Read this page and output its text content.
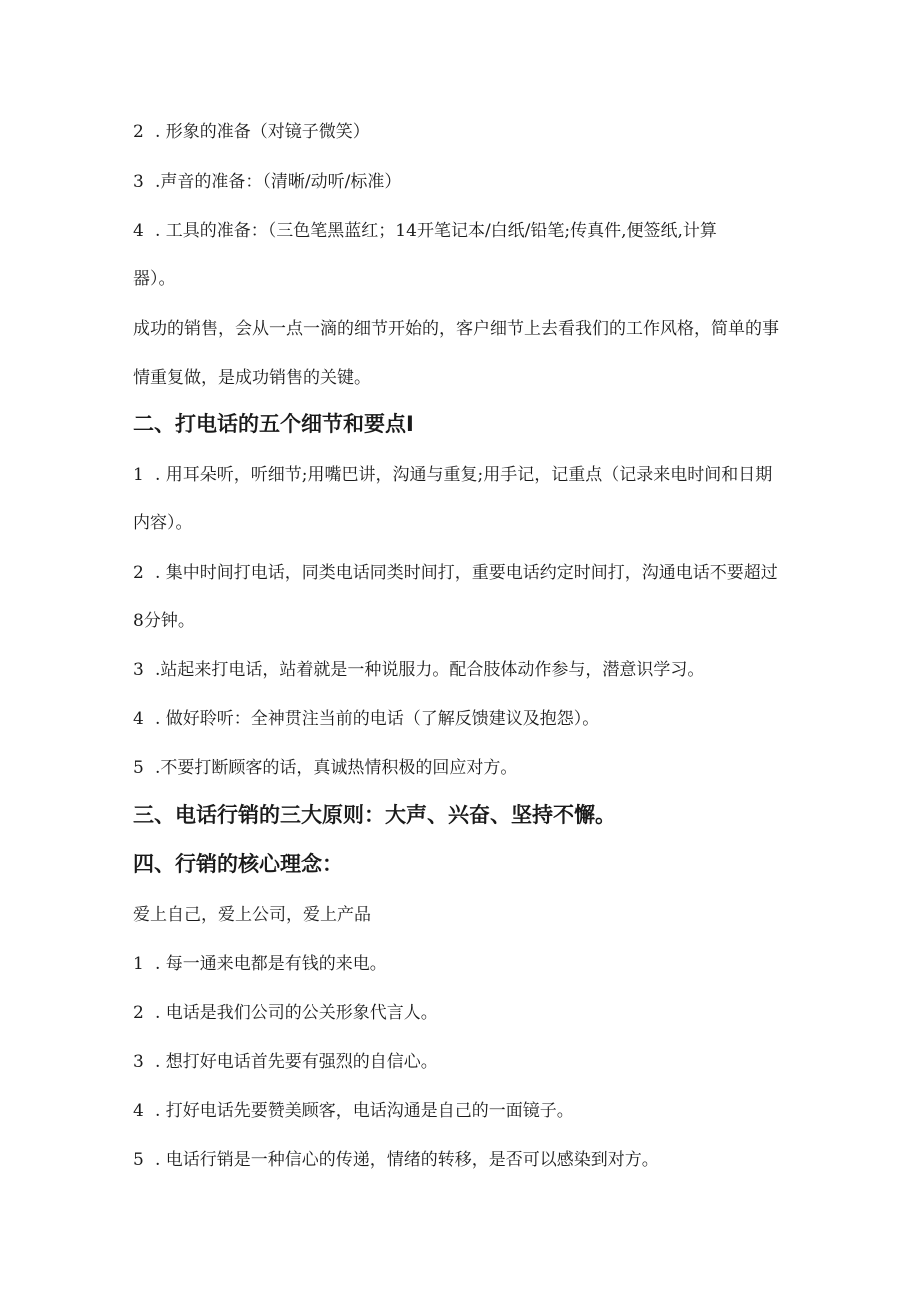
2 . 形象的准备（对镜子微笑）
3 .声音的准备：（清晰/动听/标准）
4 . 工具的准备：（三色笔黑蓝红；14开笔记本/白纸/铅笔;传真件,便签纸,计算
器）。
成功的销售，会从一点一滴的细节开始的，客户细节上去看我们的工作风格，简单的事
情重复做，是成功销售的关键。
二、打电话的五个细节和要点I
1 . 用耳朵听，听细节;用嘴巴讲，沟通与重复;用手记，记重点（记录来电时间和日期
内容）。
2 . 集中时间打电话，同类电话同类时间打，重要电话约定时间打，沟通电话不要超过
8分钟。
3 .站起来打电话，站着就是一种说服力。配合肢体动作参与，潜意识学习。
4 . 做好聆听：全神贯注当前的电话（了解反馈建议及抱怨）。
5 .不要打断顾客的话，真诚热情积极的回应对方。
三、电话行销的三大原则：大声、兴奋、坚持不懈。
四、行销的核心理念：
爱上自己，爱上公司，爱上产品
1 . 每一通来电都是有钱的来电。
2 . 电话是我们公司的公关形象代言人。
3 . 想打好电话首先要有强烈的自信心。
4 . 打好电话先要赞美顾客，电话沟通是自己的一面镜子。
5 . 电话行销是一种信心的传递，情绪的转移，是否可以感染到对方。
